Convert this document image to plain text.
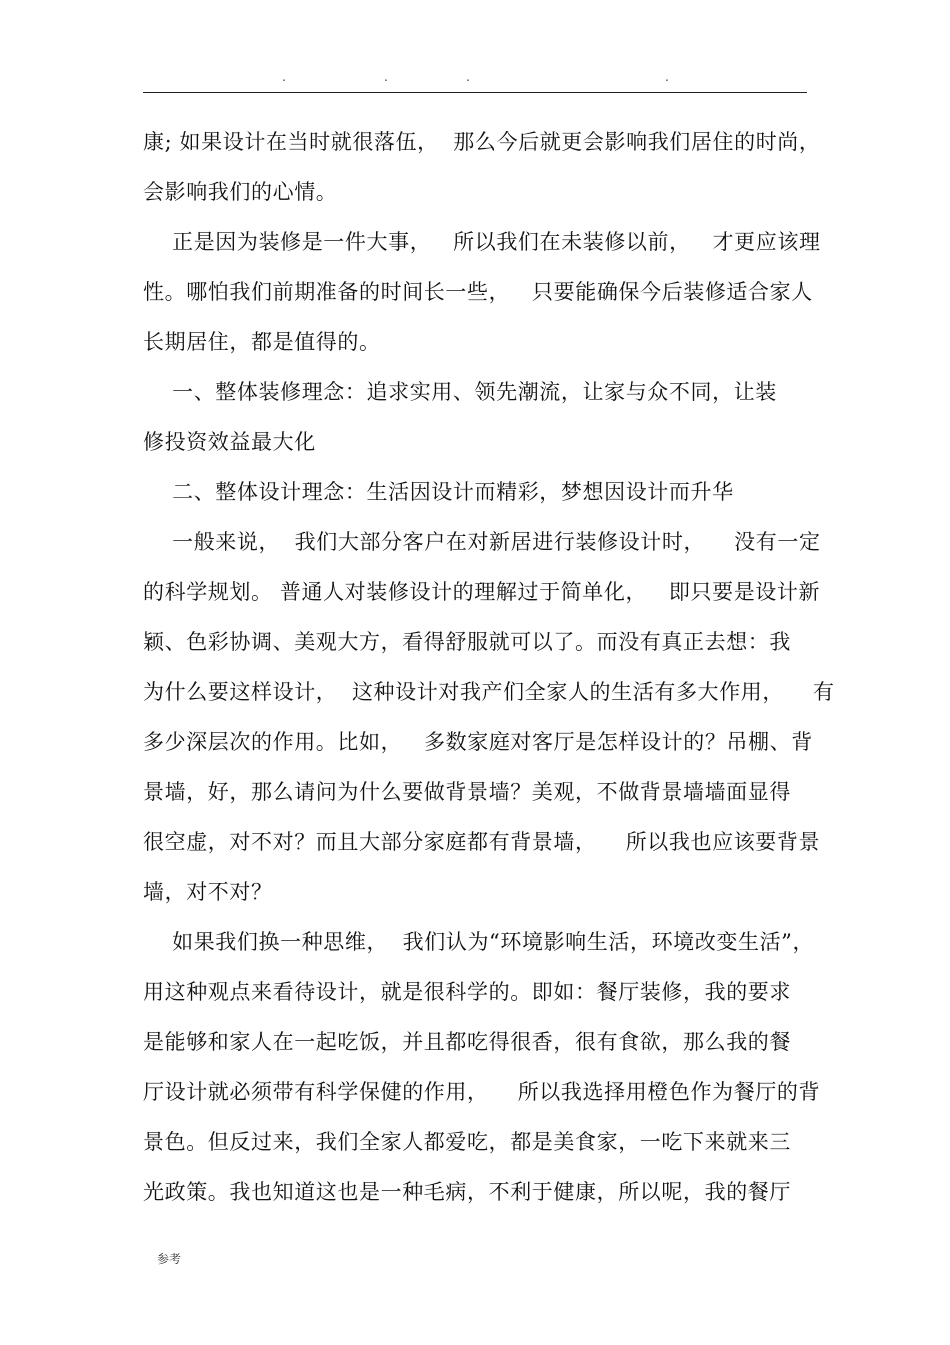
.	.	.	.
康; 如果设计在当时就很落伍，  那么今后就更会影响我们居住的时尚，
会影响我们的心情。
正是因为装修是一件大事，   所以我们在未装修以前，   才更应该理
性。哪怕我们前期准备的时间长一些，   只要能确保今后装修适合家人
长期居住，都是值得的。
一、整体装修理念：追求实用、领先潮流，让家与众不同，让装
修投资效益最大化
二、整体设计理念：生活因设计而精彩，梦想因设计而升华
一般来说，  我们大部分客户在对新居进行装修设计时，    没有一定
的科学规划。 普通人对装修设计的理解过于简单化，   即只要是设计新
颖、色彩协调、美观大方，看得舒服就可以了。而没有真正去想：我
为什么要这样设计，  这种设计对我产们全家人的生活有多大作用，    有
多少深层次的作用。比如，   多数家庭对客厅是怎样设计的？吊棚、背
景墙，好，那么请问为什么要做背景墙？美观，不做背景墙墙面显得
很空虚，对不对？而且大部分家庭都有背景墙，    所以我也应该要背景
墙，对不对？
如果我们换一种思维，  我们认为“环境影响生活，环境改变生活”，
用这种观点来看待设计，就是很科学的。即如：餐厅装修，我的要求
是能够和家人在一起吃饭，并且都吃得很香，很有食欲，那么我的餐
厅设计就必须带有科学保健的作用，    所以我选择用橙色作为餐厅的背
景色。但反过来，我们全家人都爱吃，都是美食家，一吃下来就来三
光政策。我也知道这也是一种毛病，不利于健康，所以呢，我的餐厅
参考
